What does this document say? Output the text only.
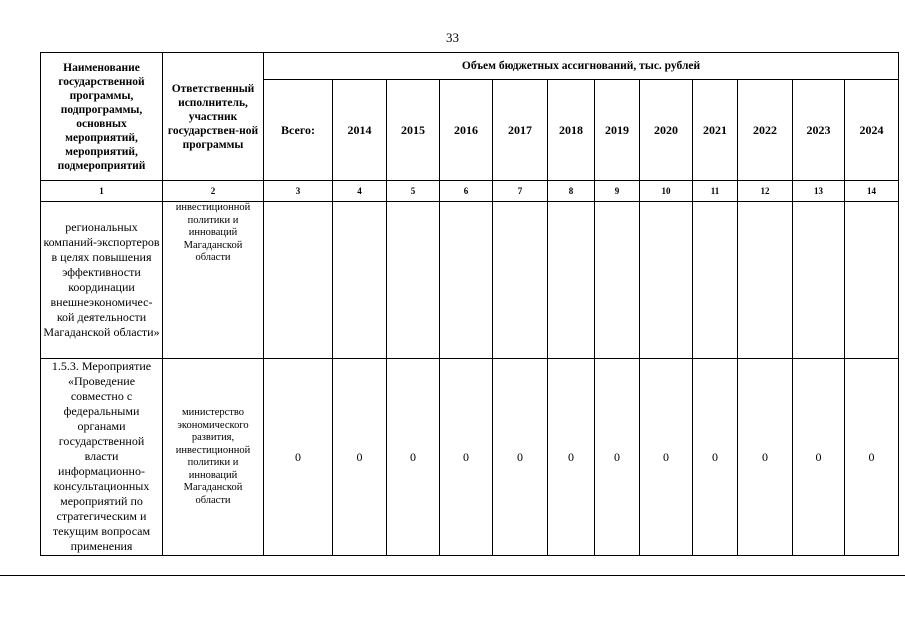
33
Наименование государственной программы, подпрограммы, основных мероприятий, мероприятий, подмероприятий	Ответственный исполнитель, участник государствен-ной программы	Объем бюджетных ассигнований, тыс. рублей											
		Всего:	2014	2015	2016	2017	2018	2019	2020	2021	2022	2023	2024
1	2	3	4	5	6	7	8	9	10	11	12	13	14
региональных компаний-экспортеров в целях повышения эффективности координации внешнеэкономичес-кой деятельности Магаданской области»	инвестиционной политики и инноваций Магаданской области												
1.5.3. Мероприятие «Проведение совместно с федеральными органами государственной власти информационно-консультационных мероприятий по стратегическим и текущим вопросам применения	министерство экономического развития, инвестиционной политики и инноваций Магаданской области	0	0	0	0	0	0	0	0	0	0	0	0
